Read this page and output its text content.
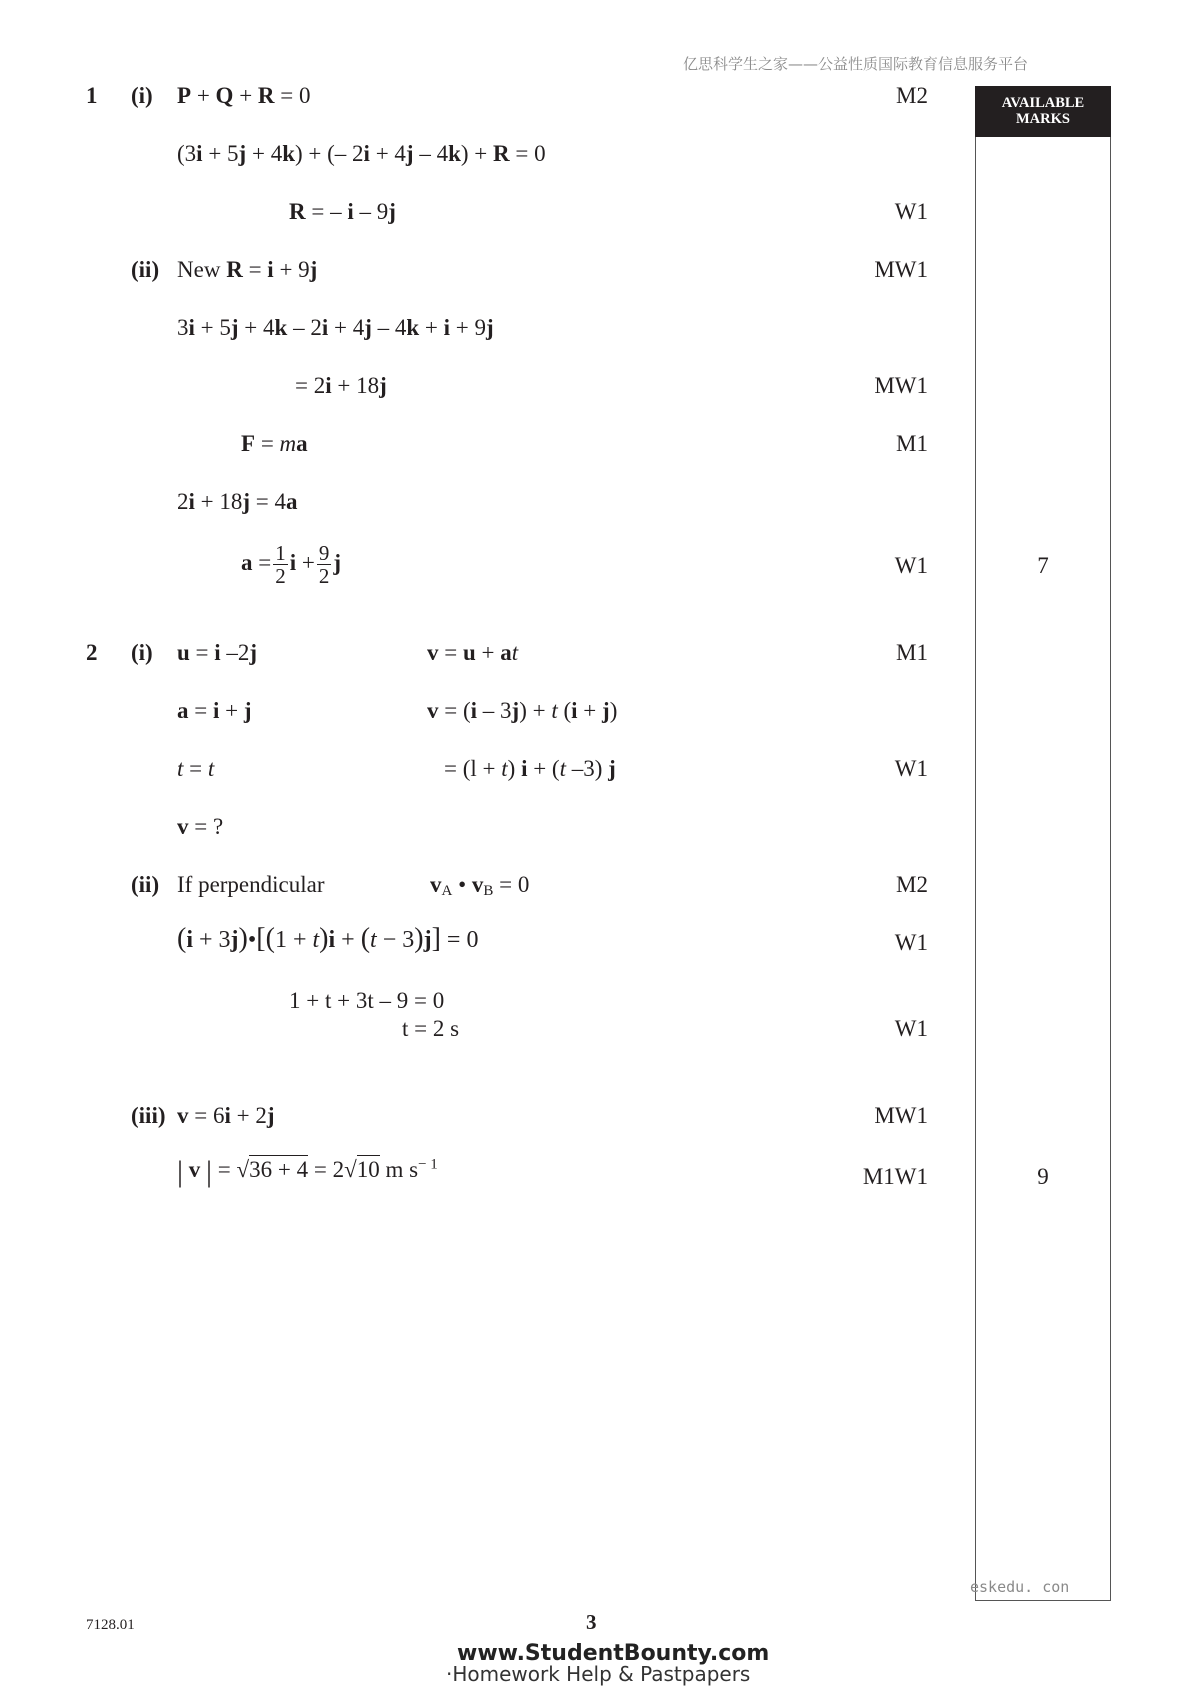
亿思科学生之家——公益性质国际教育信息服务平台
AVAILABLE
MARKS
1 (i) P + Q + R = 0	M2
(3i + 5j + 4k) + (– 2i + 4j – 4k) + R = 0
R = – i – 9j	W1
(ii) New R = i + 9j	MW1
3i + 5j + 4k – 2i + 4j – 4k + i + 9j
= 2i + 18j	MW1
F = ma	M1
2i + 18j = 4a
$a = \frac{1}{2}$ $i + \frac{9}{2}$ j	W1	7
2 (i) u = i –2j	v = u + at	M1
a = i + j	v = (i – 3j) + t (i + j)
t = t	= (l + t) i + (t –3) j	W1
v = ?
(ii) If perpendicular	$v_A$ • $v_B = 0$	M2
(i + 3j)•[(1 + t)i + (t − 3)j] = 0	W1
1 + t + 3t – 9 = 0
t = 2 s	W1
(iii) v = 6i + 2j	MW1
| v | = √36 + 4 = 2√10 m $s^{- 1}$	M1W1	9
eskedu. con
7128.01	3
www.StudentBounty.com
·Homework Help & Pastpapers
